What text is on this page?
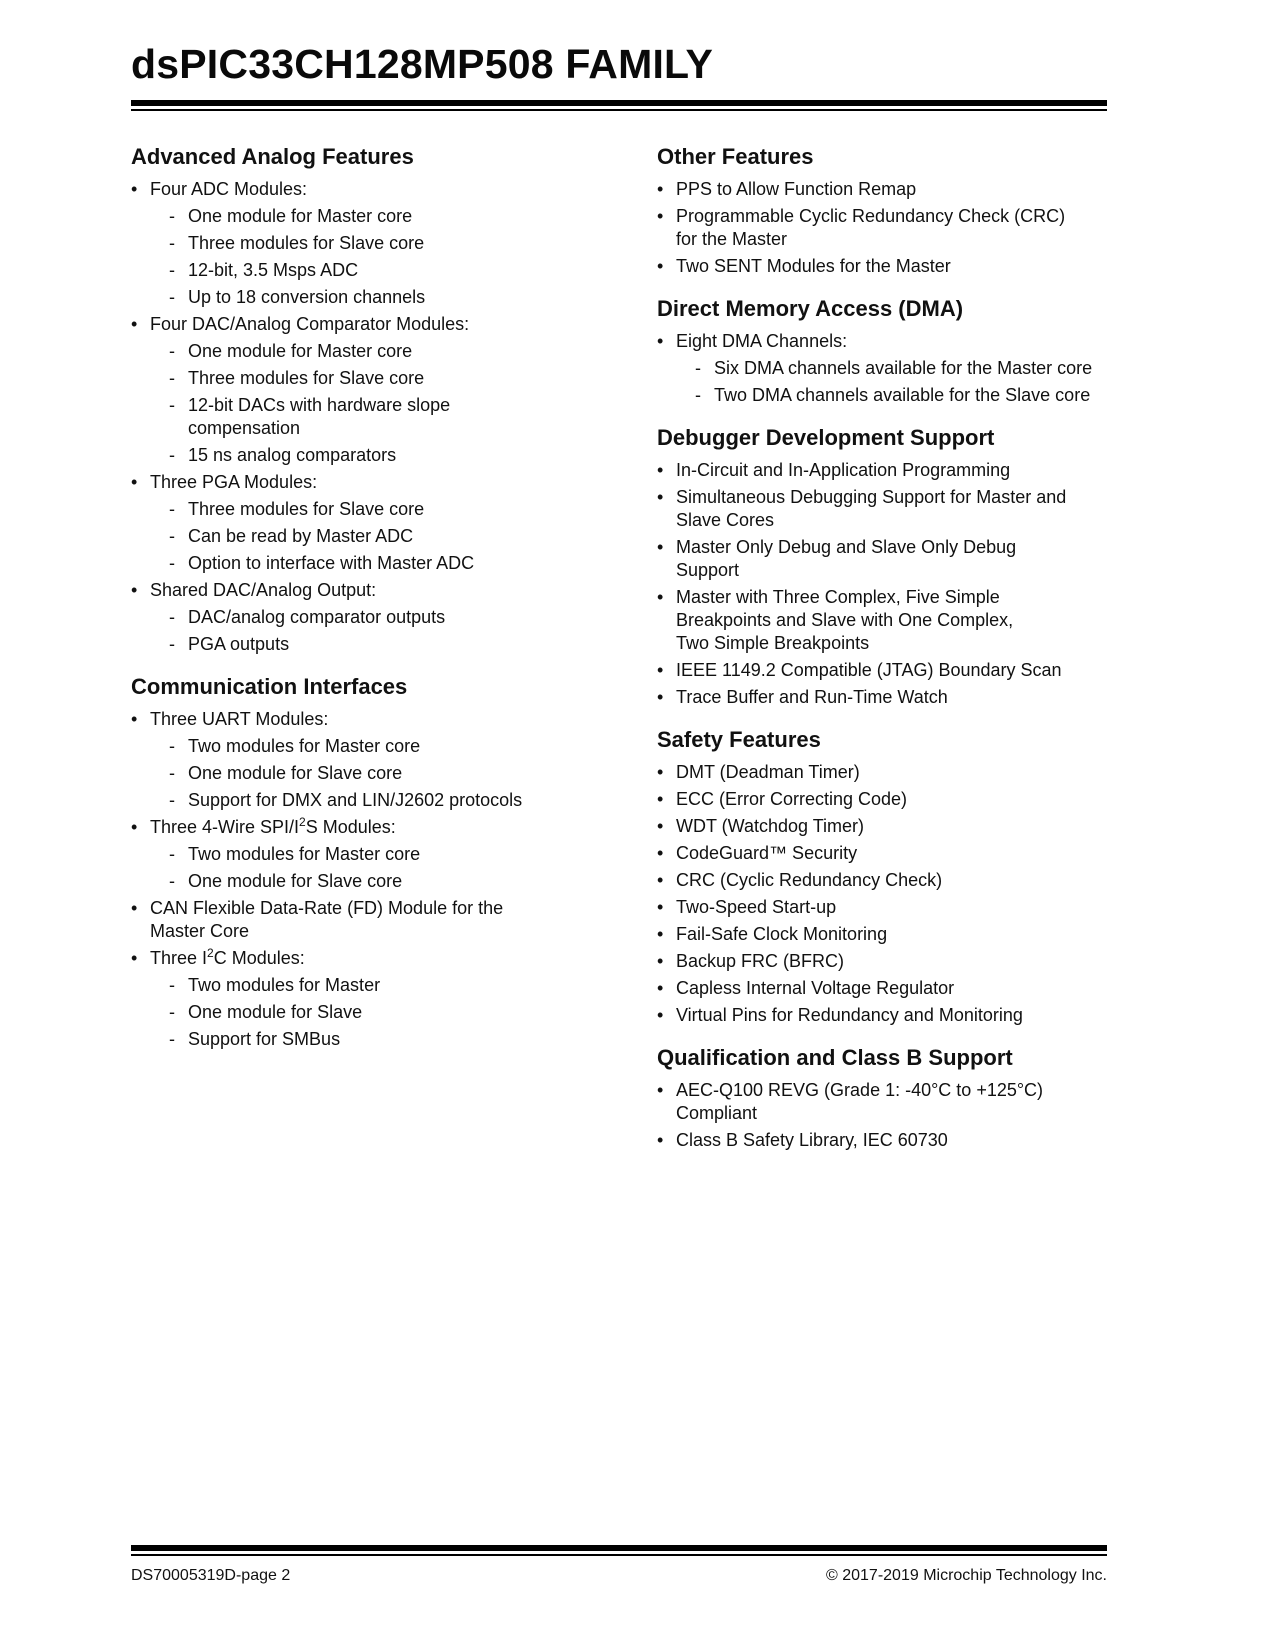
dsPIC33CH128MP508 FAMILY
Advanced Analog Features
• Four ADC Modules:
- One module for Master core
- Three modules for Slave core
- 12-bit, 3.5 Msps ADC
- Up to 18 conversion channels
• Four DAC/Analog Comparator Modules:
- One module for Master core
- Three modules for Slave core
- 12-bit DACs with hardware slope
compensation
- 15 ns analog comparators
• Three PGA Modules:
- Three modules for Slave core
- Can be read by Master ADC
- Option to interface with Master ADC
• Shared DAC/Analog Output:
- DAC/analog comparator outputs
- PGA outputs
Communication Interfaces
• Three UART Modules:
- Two modules for Master core
- One module for Slave core
- Support for DMX and LIN/J2602 protocols
• Three 4-Wire SPI/$I^2S$ Modules:
- Two modules for Master core
- One module for Slave core
• CAN Flexible Data-Rate (FD) Module for the
Master Core
• Three $I^2C$ Modules:
- Two modules for Master
- One module for Slave
- Support for SMBus
Other Features
• PPS to Allow Function Remap
• Programmable Cyclic Redundancy Check (CRC)
for the Master
• Two SENT Modules for the Master
Direct Memory Access (DMA)
• Eight DMA Channels:
- Six DMA channels available for the Master core
- Two DMA channels available for the Slave core
Debugger Development Support
• In-Circuit and In-Application Programming
• Simultaneous Debugging Support for Master and
Slave Cores
• Master Only Debug and Slave Only Debug
Support
• Master with Three Complex, Five Simple
Breakpoints and Slave with One Complex,
Two Simple Breakpoints
• IEEE 1149.2 Compatible (JTAG) Boundary Scan
• Trace Buffer and Run-Time Watch
Safety Features
• DMT (Deadman Timer)
• ECC (Error Correcting Code)
• WDT (Watchdog Timer)
• CodeGuard™ Security
• CRC (Cyclic Redundancy Check)
• Two-Speed Start-up
• Fail-Safe Clock Monitoring
• Backup FRC (BFRC)
• Capless Internal Voltage Regulator
• Virtual Pins for Redundancy and Monitoring
Qualification and Class B Support
• AEC-Q100 REVG (Grade 1: -40°C to +125°C)
Compliant
• Class B Safety Library, IEC 60730
DS70005319D-page 2	© 2017-2019 Microchip Technology Inc.
